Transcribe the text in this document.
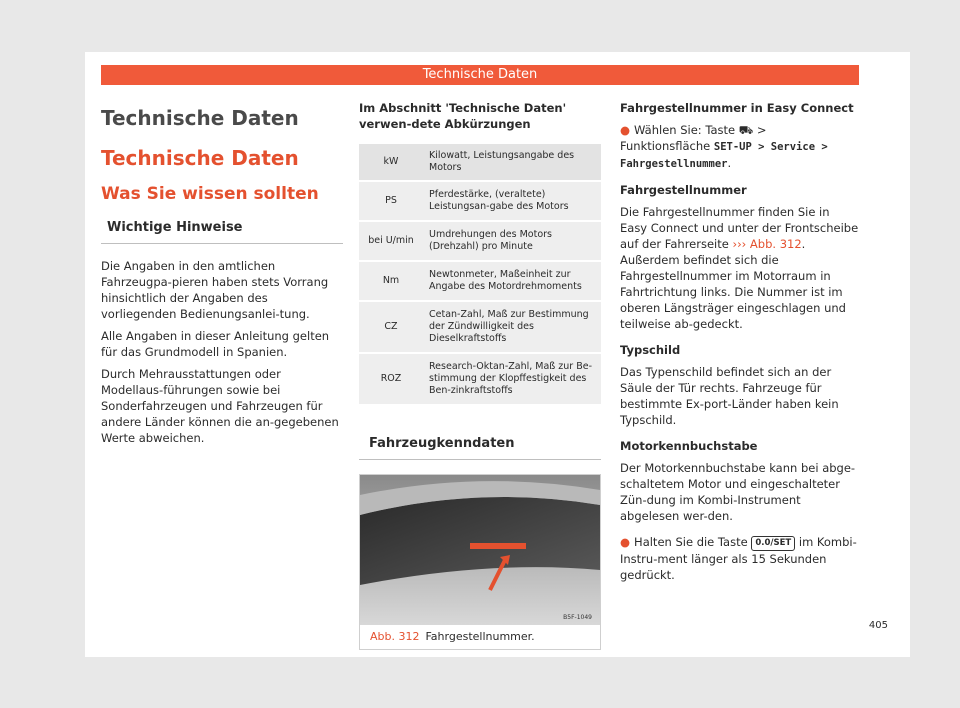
Technische Daten
Technische Daten
Technische Daten
Was Sie wissen sollten
Wichtige Hinweise

Die Angaben in den amtlichen Fahrzeugpa-pieren haben stets Vorrang hinsichtlich der Angaben des vorliegenden Bedienungsanlei-tung.

Alle Angaben in dieser Anleitung gelten für das Grundmodell in Spanien.

Durch Mehrausstattungen oder Modellaus-führungen sowie bei Sonderfahrzeugen und Fahrzeugen für andere Länder können die an-gegebenen Werte abweichen.

Im Abschnitt 'Technische Daten' verwen-dete Abkürzungen
kW	Kilowatt, Leistungsangabe des Motors
PS	Pferdestärke, (veraltete) Leistungsan-gabe des Motors
bei U/min	Umdrehungen des Motors (Drehzahl) pro Minute
Nm	Newtonmeter, Maßeinheit zur Angabe des Motordrehmoments
CZ	Cetan-Zahl, Maß zur Bestimmung der Zündwilligkeit des Dieselkraftstoffs
ROZ	Research-Oktan-Zahl, Maß zur Be-stimmung der Klopffestigkeit des Ben-zinkraftstoffs
Fahrzeugkenndaten
B5F-1049
Abb. 312 Fahrgestellnummer.
Fahrgestellnummer in Easy Connect

● Wählen Sie: Taste ⛟ > Funktionsfläche SET-UP > Service > Fahrgestellnummer.

Fahrgestellnummer

Die Fahrgestellnummer finden Sie in Easy Connect und unter der Frontscheibe auf der Fahrerseite ››› Abb. 312. Außerdem befindet sich die Fahrgestellnummer im Motorraum in Fahrtrichtung links. Die Nummer ist im oberen Längsträger eingeschlagen und teilweise ab-gedeckt.

Typschild

Das Typenschild befindet sich an der Säule der Tür rechts. Fahrzeuge für bestimmte Ex-port-Länder haben kein Typschild.

Motorkennbuchstabe

Der Motorkennbuchstabe kann bei abge-schaltetem Motor und eingeschalteter Zün-dung im Kombi-Instrument abgelesen wer-den.

● Halten Sie die Taste 0.0/SET im Kombi-Instru-ment länger als 15 Sekunden gedrückt.

405
